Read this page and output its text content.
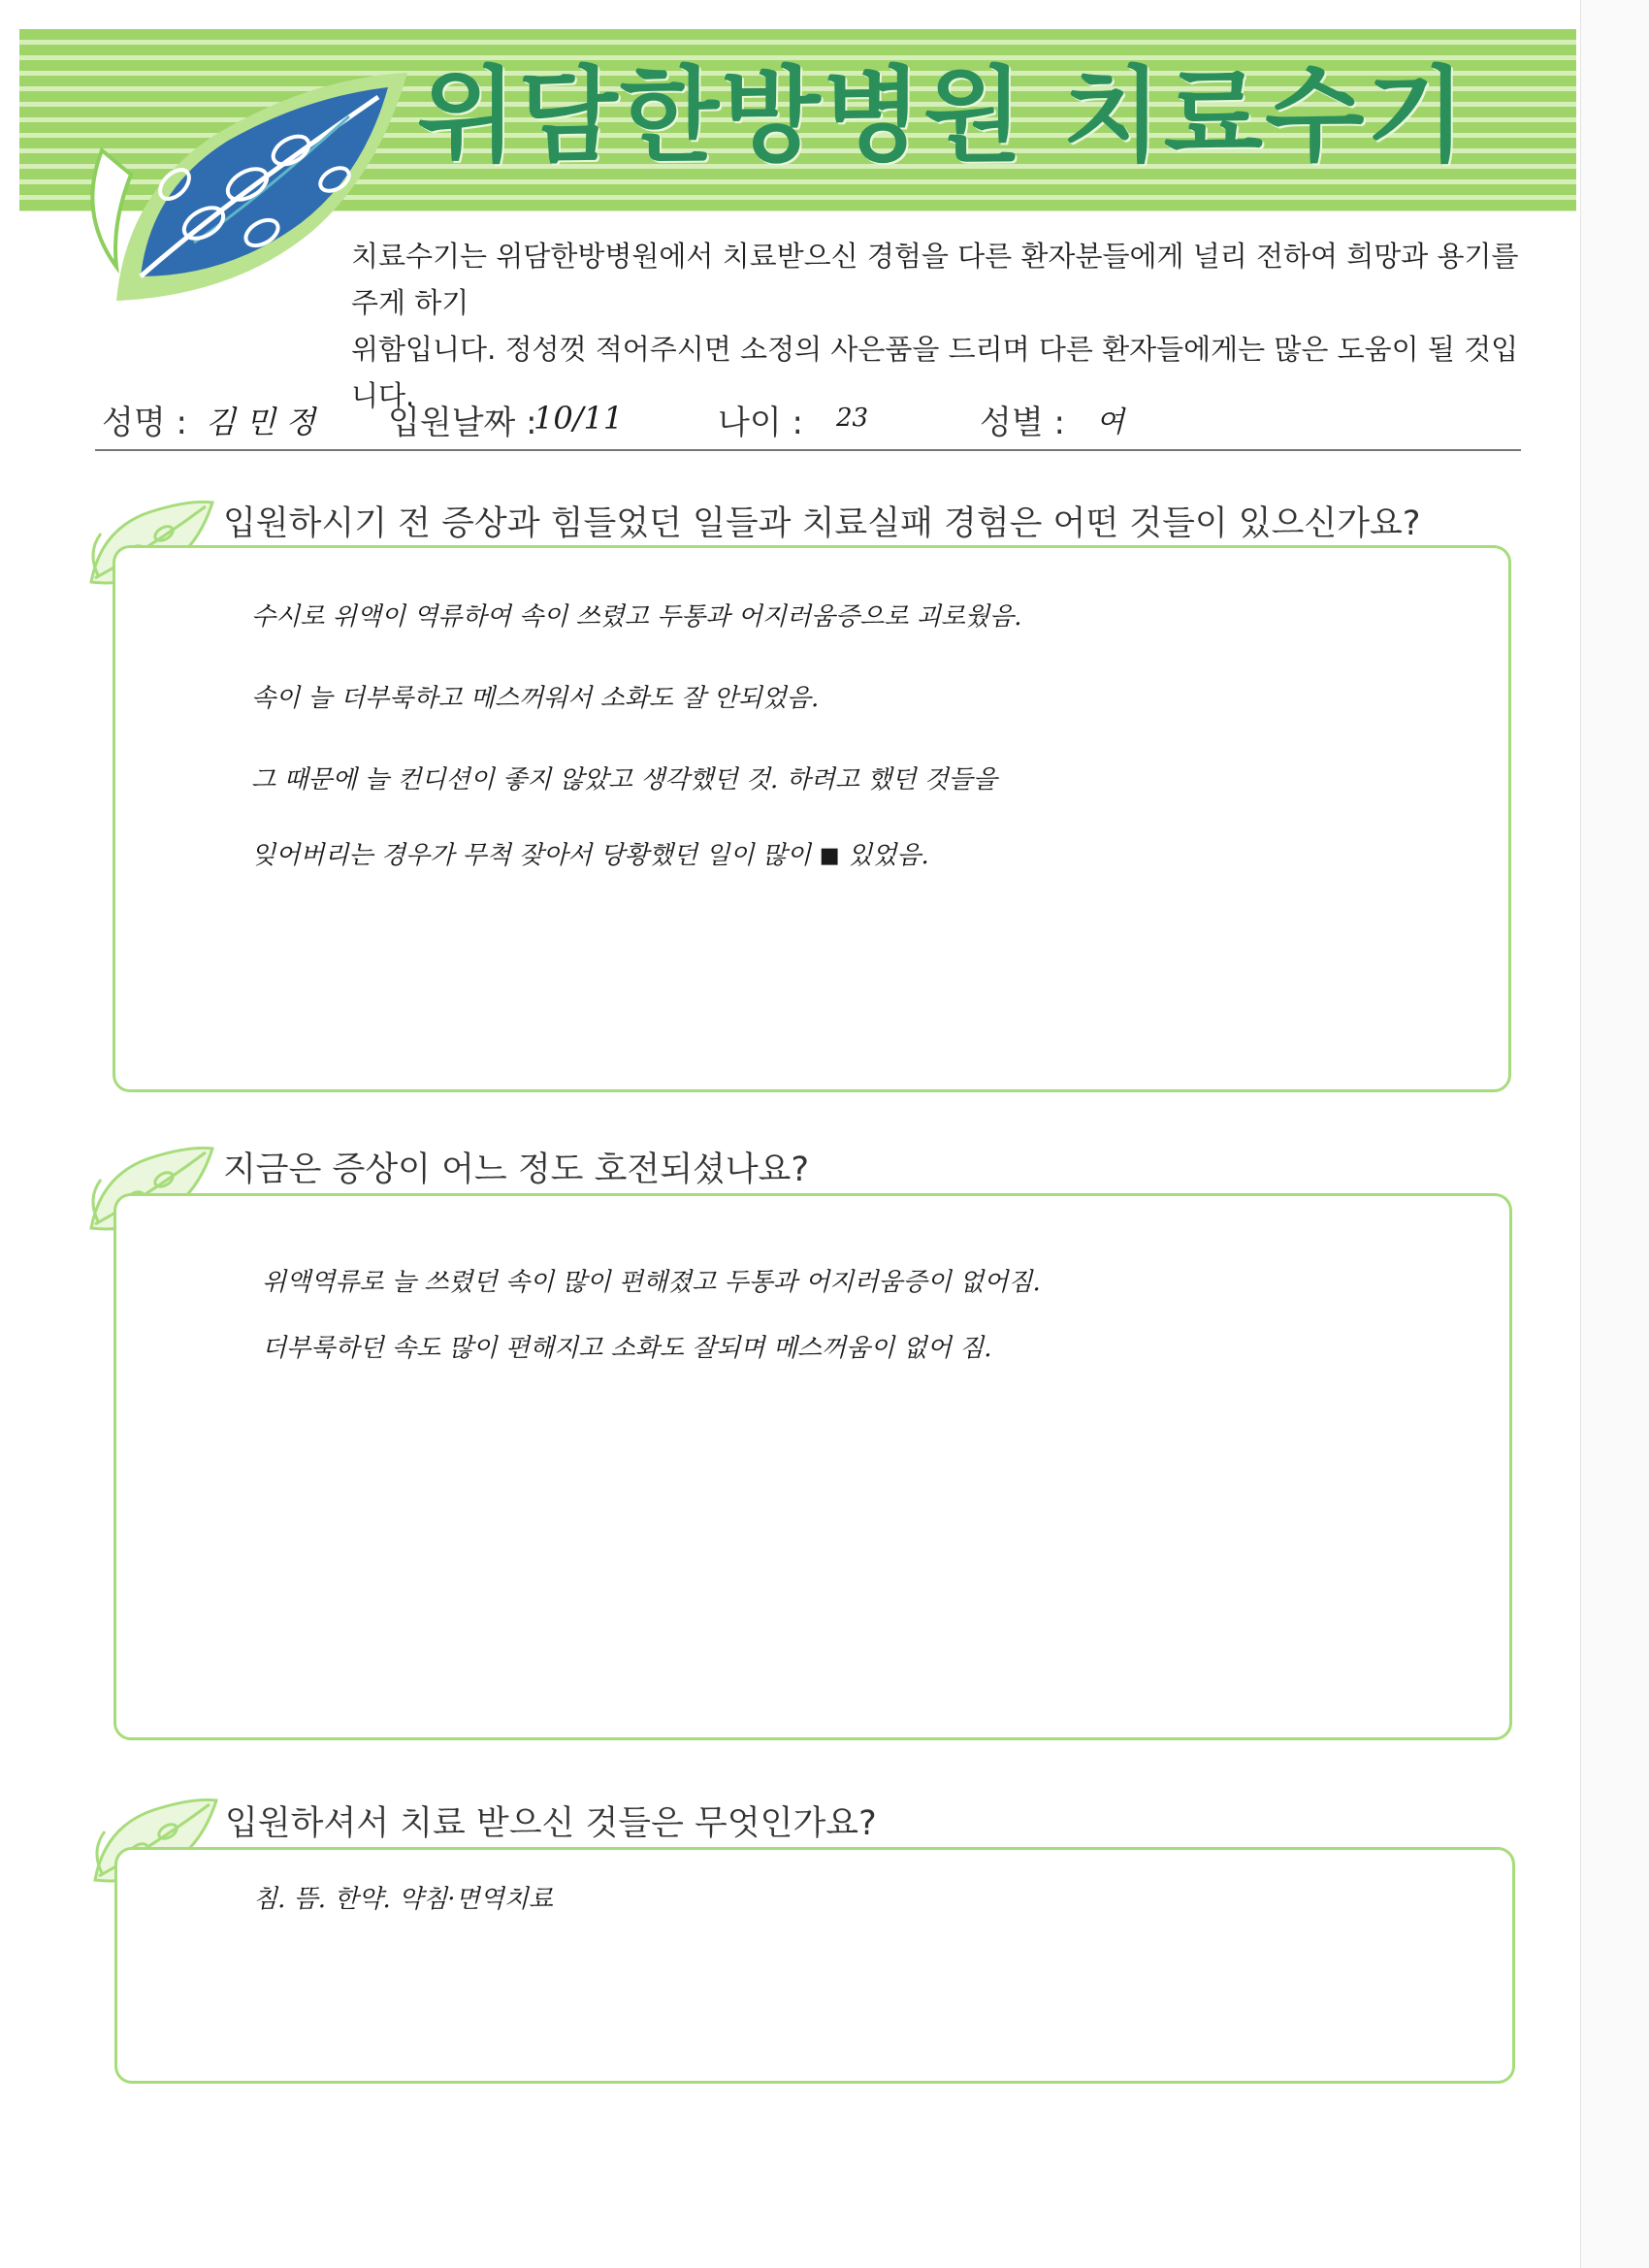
위담한방병원 치료수기

치료수기는 위담한방병원에서 치료받으신 경험을 다른 환자분들에게 널리 전하여 희망과 용기를 주게 하기
위함입니다. 정성껏 적어주시면 소정의 사은품을 드리며 다른 환자들에게는 많은 도움이 될 것입니다.

성명 : 김 민 정 입원날짜 :
10/11	나이 : 23	성별 : 여

입원하시기 전 증상과 힘들었던 일들과 치료실패 경험은 어떤 것들이 있으신가요?

수시로 위액이 역류하여 속이 쓰렸고 두통과 어지러움증으로 괴로웠음.

속이 늘 더부룩하고 메스꺼워서 소화도 잘 안되었음.

그 때문에 늘 컨디션이 좋지 않았고 생각했던 것. 하려고 했던 것들을

잊어버리는 경우가 무척 잦아서 당황했던 일이 많이 ◼ 있었음.

지금은 증상이 어느 정도 호전되셨나요?

위액역류로 늘 쓰렸던 속이 많이 편해졌고 두통과 어지러움증이 없어짐.

더부룩하던 속도 많이 편해지고 소화도 잘되며 메스꺼움이 없어 짐.

입원하셔서 치료 받으신 것들은 무엇인가요?

침. 뜸. 한약. 약침·면역치료
